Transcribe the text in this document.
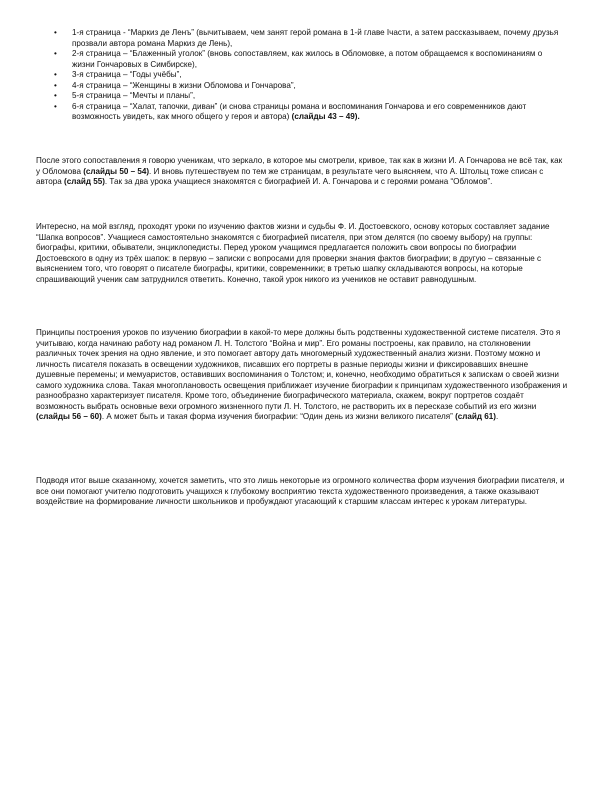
•	1-я страница - “Маркиз де Ленъ” (вычитываем, чем занят герой романа в 1-й главе Iчасти, а затем рассказываем, почему друзья прозвали автора романа Маркиз де Лень),
•	2-я страница – “Блаженный уголок” (вновь сопоставляем, как жилось в Обломовке, а потом обращаемся к воспоминаниям о жизни Гончаровых в Симбирске),
•	3-я страница – “Годы учёбы”,
•	4-я страница – “Женщины в жизни Обломова и Гончарова”,
•	5-я страница – “Мечты и планы”,
•	6-я страница – “Халат, тапочки, диван” (и снова страницы романа и воспоминания Гончарова и его современников дают возможность увидеть, как много общего у героя и автора) (слайды 43 – 49).

После этого сопоставления я говорю ученикам, что зеркало, в которое мы смотрели, кривое, так как в жизни И. А Гончарова не всё так, как у Обломова (слайды 50 – 54). И вновь путешествуем по тем же страницам, в результате чего выясняем, что А. Штольц тоже списан с автора (слайд 55). Так за два урока учащиеся знакомятся с биографией И. А. Гончарова и с героями романа “Обломов”.

Интересно, на мой взгляд, проходят уроки по изучению фактов жизни и судьбы Ф. И. Достоевского, основу которых составляет задание “Шапка вопросов”. Учащиеся самостоятельно знакомятся с биографией писателя, при этом делятся (по своему выбору) на группы: биографы, критики, обыватели, энциклопедисты. Перед уроком учащимся предлагается положить свои вопросы по биографии Достоевского в одну из трёх шапок: в первую – записки с вопросами для проверки знания фактов биографии; в другую – связанные с выяснением того, что говорят о писателе биографы, критики, современники; в третью шапку складываются вопросы, на которые спрашивающий ученик сам затруднился ответить. Конечно, такой урок никого из учеников не оставит равнодушным.

Принципы построения уроков по изучению биографии в какой-то мере должны быть родственны художественной системе писателя. Это я учитываю, когда начинаю работу над романом Л. Н. Толстого “Война и мир”. Его романы построены, как правило, на столкновении различных точек зрения на одно явление, и это помогает автору дать многомерный художественный анализ жизни. Поэтому можно и личность писателя показать в освещении художников, писавших его портреты в разные периоды жизни и фиксировавших внешне душевные перемены; и мемуаристов, оставивших воспоминания о Толстом; и, конечно, необходимо обратиться к запискам о своей жизни самого художника слова. Такая многоплановость освещения приближает изучение биографии к принципам художественного изображения и разнообразно характеризует писателя. Кроме того, объединение биографического материала, скажем, вокруг портретов создаёт возможность выбрать основные вехи огромного жизненного пути Л. Н. Толстого, не растворить их в пересказе событий из его жизни (слайды 56 – 60). А может быть и такая форма изучения биографии: “Один день из жизни великого писателя” (слайд 61).

Подводя итог выше сказанному, хочется заметить, что это лишь некоторые из огромного количества форм изучения биографии писателя, и все они помогают учителю подготовить учащихся к глубокому восприятию текста художественного произведения, а также оказывают воздействие на формирование личности школьников и пробуждают угасающий к старшим классам интерес к урокам литературы.
